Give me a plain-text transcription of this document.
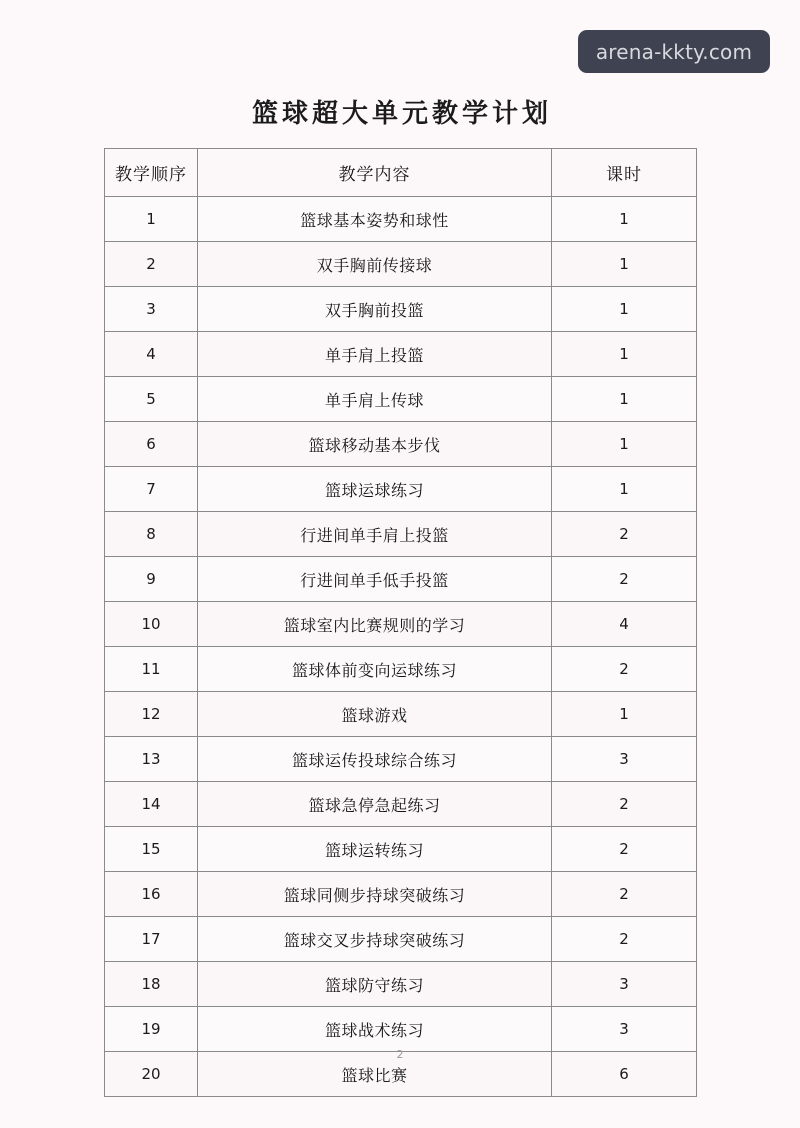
arena-kkty.com
篮球超大单元教学计划
教学顺序	教学内容	课时
1	篮球基本姿势和球性	1
2	双手胸前传接球	1
3	双手胸前投篮	1
4	单手肩上投篮	1
5	单手肩上传球	1
6	篮球移动基本步伐	1
7	篮球运球练习	1
8	行进间单手肩上投篮	2
9	行进间单手低手投篮	2
10	篮球室内比赛规则的学习	4
11	篮球体前变向运球练习	2
12	篮球游戏	1
13	篮球运传投球综合练习	3
14	篮球急停急起练习	2
15	篮球运转练习	2
16	篮球同侧步持球突破练习	2
17	篮球交叉步持球突破练习	2
18	篮球防守练习	3
19	篮球战术练习	3
20	篮球比赛	6
2
